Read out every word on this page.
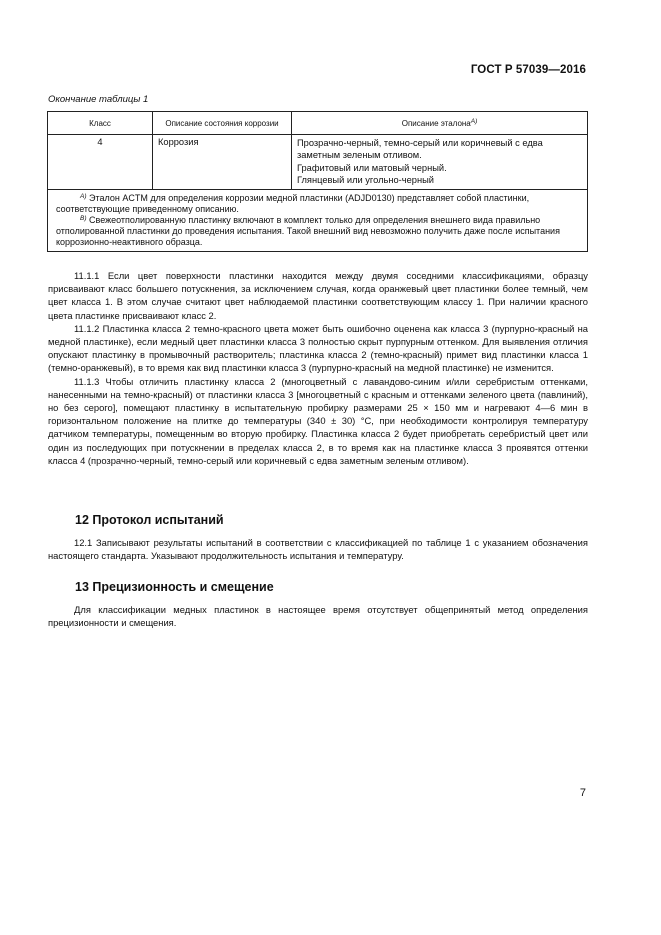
ГОСТ Р 57039—2016
Окончание таблицы 1
Класс	Описание состояния коррозии	Описание эталона$^{А)}$
4	Коррозия	Прозрачно-черный, темно-серый или коричневый с едва заметным зеленым отливом.
Графитовый или матовый черный.
Глянцевый или угольно-черный

$^{А)}$ Эталон ACTM для определения коррозии медной пластинки (ADJD0130) представляет собой пластинки, соответствующие приведенному описанию.

$^{В)}$ Свежеотполированную пластинку включают в комплект только для определения внешнего вида правильно отполированной пластинки до проведения испытания. Такой внешний вид невозможно получить даже после испытания коррозионно-неактивного образца.		

11.1.1 Если цвет поверхности пластинки находится между двумя соседними классификациями, образцу присваивают класс большего потускнения, за исключением случая, когда оранжевый цвет пластинки более темный, чем цвет класса 1. В этом случае считают цвет наблюдаемой пластинки соответствующим классу 1. При наличии красного цвета пластинке присваивают класс 2.

11.1.2 Пластинка класса 2 темно-красного цвета может быть ошибочно оценена как класса 3 (пурпурно-красный на медной пластинке), если медный цвет пластинки класса 3 полностью скрыт пурпурным оттенком. Для выявления отличия опускают пластинку в промывочный растворитель; пластинка класса 2 (темно-красный) примет вид пластинки класса 1 (темно-оранжевый), в то время как вид пластинки класса 3 (пурпурно-красный на медной пластинке) не изменится.

11.1.3 Чтобы отличить пластинку класса 2 (многоцветный с лавандово-синим и/или серебристым оттенками, нанесенными на темно-красный) от пластинки класса 3 [многоцветный с красным и оттенками зеленого цвета (павлиний), но без серого], помещают пластинку в испытательную пробирку размерами 25 × 150 мм и нагревают 4—6 мин в горизонтальном положение на плитке до температуры (340 ± 30) °С, при необходимости контролируя температуру датчиком температуры, помещенным во вторую пробирку. Пластинка класса 2 будет приобретать серебристый цвет или один из последующих при потускнении в пределах класса 2, в то время как на пластинке класса 3 проявятся оттенки класса 4 (прозрачно-черный, темно-серый или коричневый с едва заметным зеленым отливом).

12 Протокол испытаний

12.1 Записывают результаты испытаний в соответствии с классификацией по таблице 1 с указанием обозначения настоящего стандарта. Указывают продолжительность испытания и температуру.

13 Прецизионность и смещение

Для классификации медных пластинок в настоящее время отсутствует общепринятый метод определения прецизионности и смещения.

7
